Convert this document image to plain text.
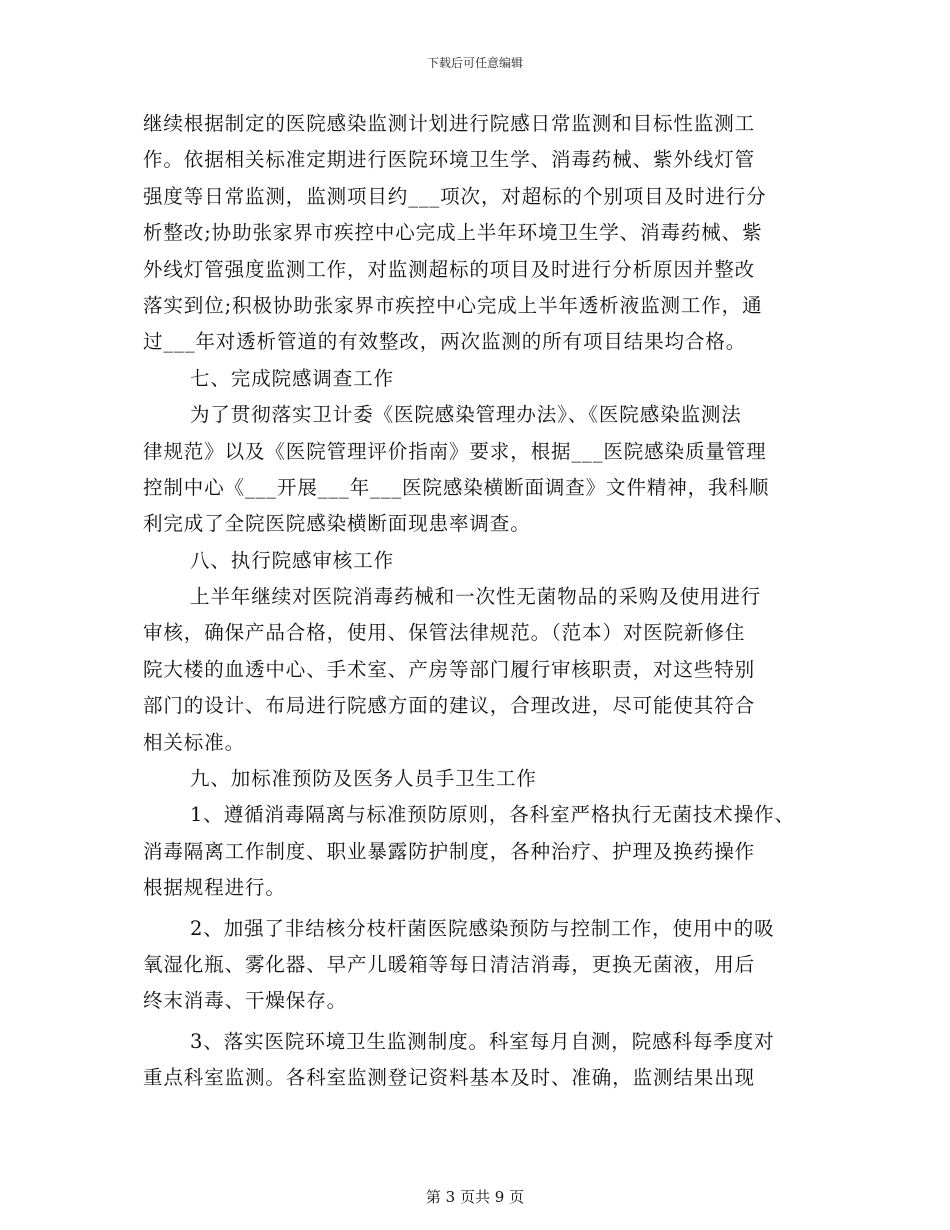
下载后可任意编辑
继续根据制定的医院感染监测计划进行院感日常监测和目标性监测工
作。依据相关标准定期进行医院环境卫生学、消毒药械、紫外线灯管
强度等日常监测，监测项目约___项次，对超标的个别项目及时进行分
析整改;协助张家界市疾控中心完成上半年环境卫生学、消毒药械、紫
外线灯管强度监测工作，对监测超标的项目及时进行分析原因并整改
落实到位;积极协助张家界市疾控中心完成上半年透析液监测工作，通
过___年对透析管道的有效整改，两次监测的所有项目结果均合格。
七、完成院感调查工作
为了贯彻落实卫计委《医院感染管理办法》、《医院感染监测法
律规范》以及《医院管理评价指南》要求，根据___医院感染质量管理
控制中心《___开展___年___医院感染横断面调查》文件精神，我科顺
利完成了全院医院感染横断面现患率调查。
八、执行院感审核工作
上半年继续对医院消毒药械和一次性无菌物品的采购及使用进行
审核，确保产品合格，使用、保管法律规范。（范本）对医院新修住
院大楼的血透中心、手术室、产房等部门履行审核职责，对这些特别
部门的设计、布局进行院感方面的建议，合理改进，尽可能使其符合
相关标准。
九、加标准预防及医务人员手卫生工作
1、遵循消毒隔离与标准预防原则，各科室严格执行无菌技术操作、
消毒隔离工作制度、职业暴露防护制度，各种治疗、护理及换药操作
根据规程进行。
2、加强了非结核分枝杆菌医院感染预防与控制工作，使用中的吸
氧湿化瓶、雾化器、早产儿暖箱等每日清洁消毒，更换无菌液，用后
终末消毒、干燥保存。
3、落实医院环境卫生监测制度。科室每月自测，院感科每季度对
重点科室监测。各科室监测登记资料基本及时、准确，监测结果出现
第 3 页共 9 页
